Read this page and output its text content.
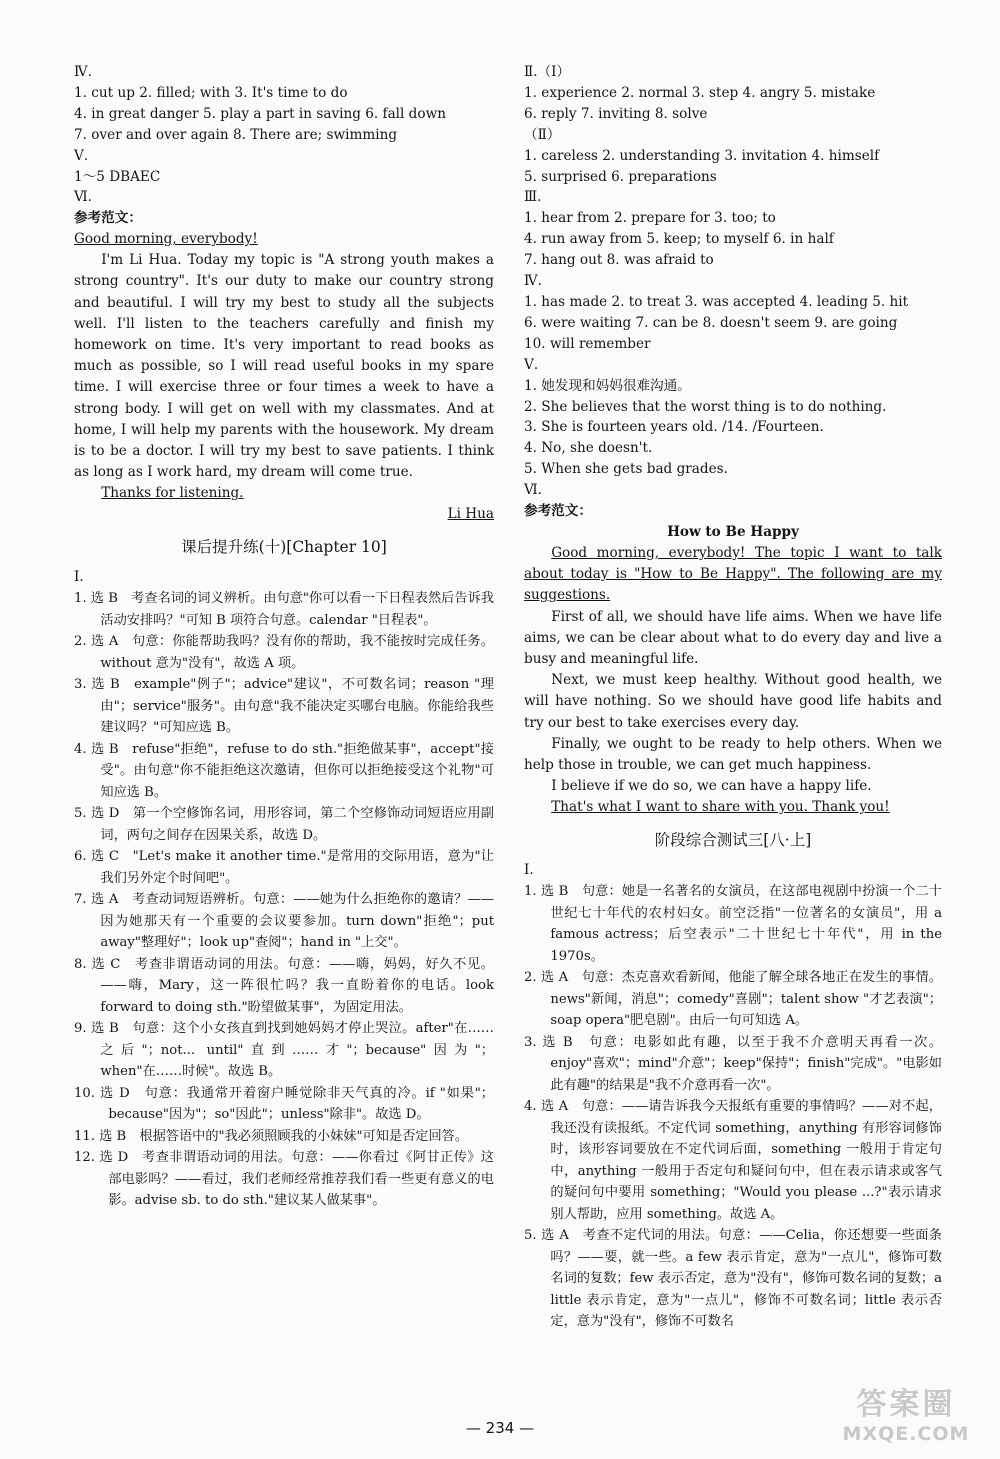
Ⅳ.
1. cut up 2. filled; with 3. It's time to do
4. in great danger 5. play a part in saving 6. fall down
7. over and over again 8. There are; swimming
Ⅴ.
1～5 DBAEC
Ⅵ.
参考范文：
Good morning, everybody!
I'm Li Hua. Today my topic is "A strong youth makes a strong country". It's our duty to make our country strong and beautiful. I will try my best to study all the subjects well. I'll listen to the teachers carefully and finish my homework on time. It's very important to read books as much as possible, so I will read useful books in my spare time. I will exercise three or four times a week to have a strong body. I will get on well with my classmates. And at home, I will help my parents with the housework. My dream is to be a doctor. I will try my best to save patients. I think as long as I work hard, my dream will come true.
Thanks for listening.
Li Hua
课后提升练(十)[Chapter 10]
Ⅰ.
1. 选 B　考查名词的词义辨析。由句意"你可以看一下日程表然后告诉我活动安排吗？"可知 B 项符合句意。calendar "日程表"。
2. 选 A　句意：你能帮助我吗？没有你的帮助，我不能按时完成任务。without 意为"没有"，故选 A 项。
3. 选 B　example"例子"；advice"建议"，不可数名词；reason "理由"；service"服务"。由句意"我不能决定买哪台电脑。你能给我些建议吗？"可知应选 B。
4. 选 B　refuse"拒绝"，refuse to do sth."拒绝做某事"，accept"接受"。由句意"你不能拒绝这次邀请，但你可以拒绝接受这个礼物"可知应选 B。
5. 选 D　第一个空修饰名词，用形容词，第二个空修饰动词短语应用副词，两句之间存在因果关系，故选 D。
6. 选 C　"Let's make it another time."是常用的交际用语，意为"让我们另外定个时间吧"。
7. 选 A　考查动词短语辨析。句意：——她为什么拒绝你的邀请？——因为她那天有一个重要的会议要参加。turn down"拒绝"；put away"整理好"；look up"查阅"；hand in "上交"。
8. 选 C　考查非谓语动词的用法。句意：——嗨，妈妈，好久不见。——嗨，Mary，这一阵很忙吗？我一直盼着你的电话。look forward to doing sth."盼望做某事"，为固定用法。
9. 选 B　句意：这个小女孩直到找到她妈妈才停止哭泣。after"在……之后"；not... until"直到……才"；because"因为"；when"在……时候"。故选 B。
10. 选 D　句意：我通常开着窗户睡觉除非天气真的冷。if "如果"；because"因为"；so"因此"；unless"除非"。故选 D。
11. 选 B　根据答语中的"我必须照顾我的小妹妹"可知是否定回答。
12. 选 D　考查非谓语动词的用法。句意：——你看过《阿甘正传》这部电影吗？——看过，我们老师经常推荐我们看一些更有意义的电影。advise sb. to do sth."建议某人做某事"。
Ⅱ.（Ⅰ）
1. experience 2. normal 3. step 4. angry 5. mistake
6. reply 7. inviting 8. solve
（Ⅱ）
1. careless 2. understanding 3. invitation 4. himself
5. surprised 6. preparations
Ⅲ.
1. hear from 2. prepare for 3. too; to
4. run away from 5. keep; to myself 6. in half
7. hang out 8. was afraid to
Ⅳ.
1. has made 2. to treat 3. was accepted 4. leading 5. hit
6. were waiting 7. can be 8. doesn't seem 9. are going
10. will remember
Ⅴ.
1. 她发现和妈妈很难沟通。
2. She believes that the worst thing is to do nothing.
3. She is fourteen years old. /14. /Fourteen.
4. No, she doesn't.
5. When she gets bad grades.
Ⅵ.
参考范文：
How to Be Happy
Good morning, everybody! The topic I want to talk about today is "How to Be Happy". The following are my suggestions.
First of all, we should have life aims. When we have life aims, we can be clear about what to do every day and live a busy and meaningful life.
Next, we must keep healthy. Without good health, we will have nothing. So we should have good life habits and try our best to take exercises every day.
Finally, we ought to be ready to help others. When we help those in trouble, we can get much happiness.
I believe if we do so, we can have a happy life.
That's what I want to share with you. Thank you!
阶段综合测试三[八·上]
Ⅰ.
1. 选 B　句意：她是一名著名的女演员，在这部电视剧中扮演一个二十世纪七十年代的农村妇女。前空泛指"一位著名的女演员"，用 a famous actress；后空表示"二十世纪七十年代"，用 in the 1970s。
2. 选 A　句意：杰克喜欢看新闻，他能了解全球各地正在发生的事情。news"新闻，消息"；comedy"喜剧"；talent show "才艺表演"；soap opera"肥皂剧"。由后一句可知选 A。
3. 选 B　句意：电影如此有趣，以至于我不介意明天再看一次。enjoy"喜欢"；mind"介意"；keep"保持"；finish"完成"。"电影如此有趣"的结果是"我不介意再看一次"。
4. 选 A　句意：——请告诉我今天报纸有重要的事情吗？——对不起，我还没有读报纸。不定代词 something，anything 有形容词修饰时，该形容词要放在不定代词后面，something 一般用于肯定句中，anything 一般用于否定句和疑问句中，但在表示请求或客气的疑问句中要用 something；"Would you please ...?"表示请求别人帮助，应用 something。故选 A。
5. 选 A　考查不定代词的用法。句意：——Celia，你还想要一些面条吗？——要，就一些。a few 表示肯定，意为"一点儿"，修饰可数名词的复数；few 表示否定，意为"没有"，修饰可数名词的复数；a little 表示肯定，意为"一点儿"，修饰不可数名词；little 表示否定，意为"没有"，修饰不可数名
— 234 —
答案圈
MXQE.COM
